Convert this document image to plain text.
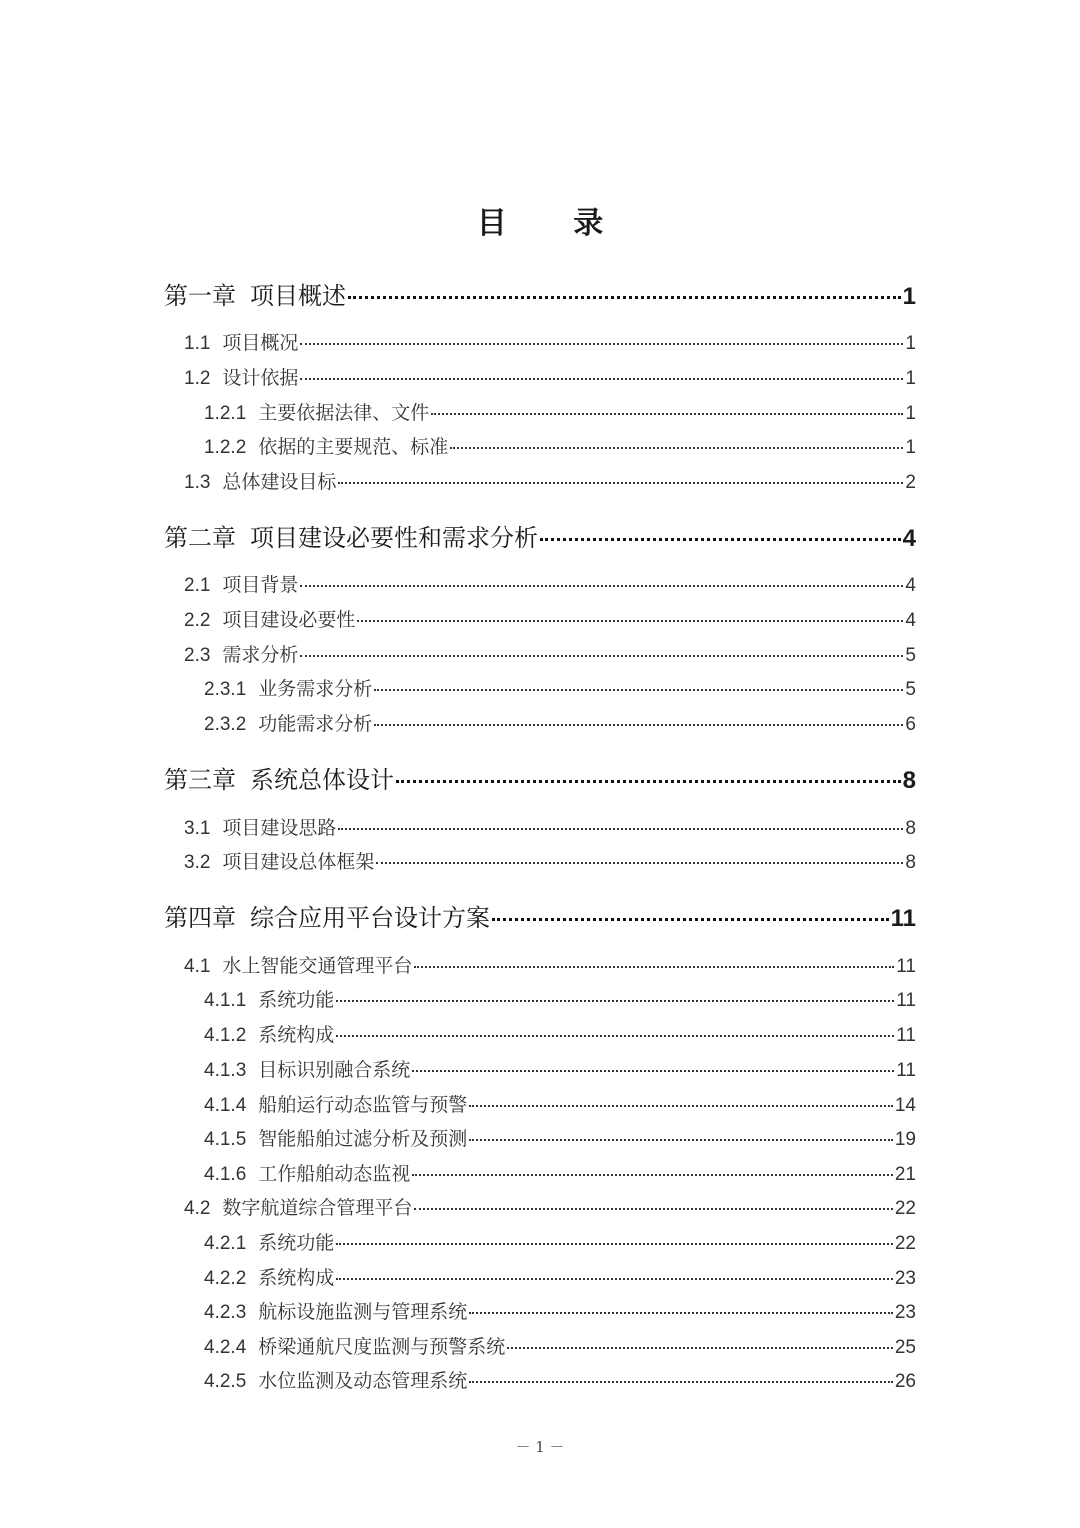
目 录
第一章 项目概述	1
1.1 项目概况	1
1.2 设计依据	1
1.2.1 主要依据法律、文件	1
1.2.2 依据的主要规范、标准	1
1.3 总体建设目标	2
第二章 项目建设必要性和需求分析	4
2.1 项目背景	4
2.2 项目建设必要性	4
2.3 需求分析	5
2.3.1 业务需求分析	5
2.3.2 功能需求分析	6
第三章 系统总体设计	8
3.1 项目建设思路	8
3.2 项目建设总体框架	8
第四章 综合应用平台设计方案	11
4.1 水上智能交通管理平台	11
4.1.1 系统功能	11
4.1.2 系统构成	11
4.1.3 目标识别融合系统	11
4.1.4 船舶运行动态监管与预警	14
4.1.5 智能船舶过滤分析及预测	19
4.1.6 工作船舶动态监视	21
4.2 数字航道综合管理平台	22
4.2.1 系统功能	22
4.2.2 系统构成	23
4.2.3 航标设施监测与管理系统	23
4.2.4 桥梁通航尺度监测与预警系统	25
4.2.5 水位监测及动态管理系统	26
－ 1 －
